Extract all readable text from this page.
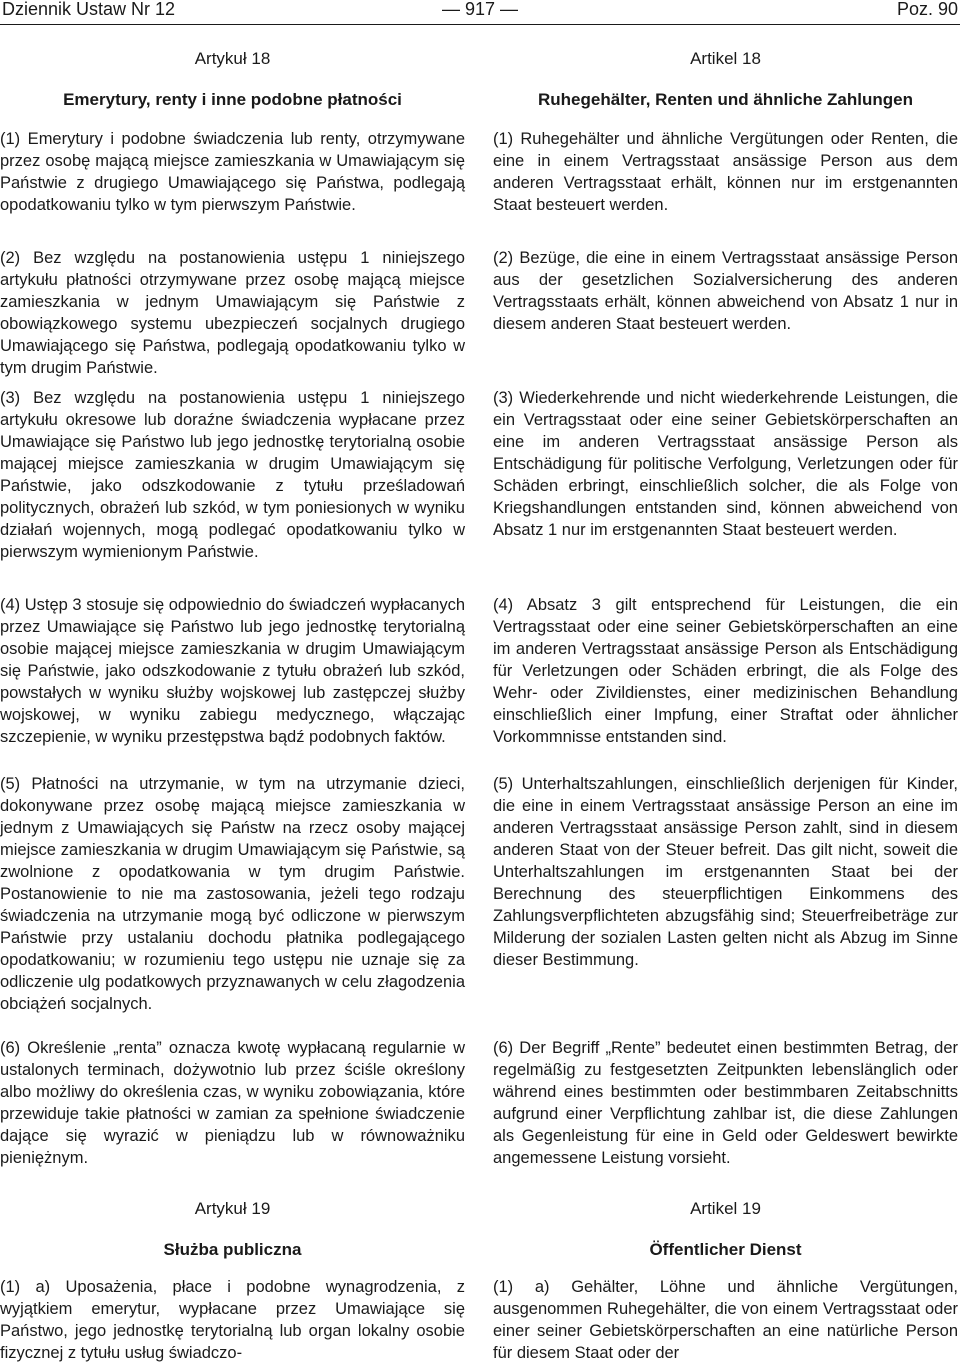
Dziennik Ustaw Nr 12	— 917 —	Poz. 90
Artykuł 18
Emerytury, renty i inne podobne płatności

(1) Emerytury i podobne świadczenia lub renty, otrzymywane przez osobę mającą miejsce zamieszkania w Umawiającym się Państwie z drugiego Umawiającego się Państwa, podlegają opodatkowaniu tylko w tym pierwszym Państwie.

(2) Bez względu na postanowienia ustępu 1 niniejszego artykułu płatności otrzymywane przez osobę mającą miejsce zamieszkania w jednym Umawiającym się Państwie z obowiązkowego systemu ubezpieczeń socjalnych drugiego Umawiającego się Państwa, podlegają opodatkowaniu tylko w tym drugim Państwie.

(3) Bez względu na postanowienia ustępu 1 niniejszego artykułu okresowe lub doraźne świadczenia wypłacane przez Umawiające się Państwo lub jego jednostkę terytorialną osobie mającej miejsce zamieszkania w drugim Umawiającym się Państwie, jako odszkodowanie z tytułu prześladowań politycznych, obrażeń lub szkód, w tym poniesionych w wyniku działań wojennych, mogą podlegać opodatkowaniu tylko w pierwszym wymienionym Państwie.

(4) Ustęp 3 stosuje się odpowiednio do świadczeń wypłacanych przez Umawiające się Państwo lub jego jednostkę terytorialną osobie mającej miejsce zamieszkania w drugim Umawiającym się Państwie, jako odszkodowanie z tytułu obrażeń lub szkód, powstałych w wyniku służby wojskowej lub zastępczej służby wojskowej, w wyniku zabiegu medycznego, włączając szczepienie, w wyniku przestępstwa bądź podobnych faktów.

(5) Płatności na utrzymanie, w tym na utrzymanie dzieci, dokonywane przez osobę mającą miejsce zamieszkania w jednym z Umawiających się Państw na rzecz osoby mającej miejsce zamieszkania w drugim Umawiającym się Państwie, są zwolnione z opodatkowania w tym drugim Państwie. Postanowienie to nie ma zastosowania, jeżeli tego rodzaju świadczenia na utrzymanie mogą być odliczone w pierwszym Państwie przy ustalaniu dochodu płatnika podlegającego opodatkowaniu; w rozumieniu tego ustępu nie uznaje się za odliczenie ulg podatkowych przyznawanych w celu złagodzenia obciążeń socjalnych.

(6) Określenie „renta” oznacza kwotę wypłacaną regularnie w ustalonych terminach, dożywotnio lub przez ściśle określony albo możliwy do określenia czas, w wyniku zobowiązania, które przewiduje takie płatności w zamian za spełnione świadczenie dające się wyrazić w pieniądzu lub w równoważniku pieniężnym.

Artykuł 19
Służba publiczna

(1) a) Uposażenia, płace i podobne wynagrodzenia, z wyjątkiem emerytur, wypłacane przez Umawiające się Państwo, jego jednostkę terytorialną lub organ lokalny osobie fizycznej z tytułu usług świadczo-

Artikel 18
Ruhegehälter, Renten und ähnliche Zahlungen

(1) Ruhegehälter und ähnliche Vergütungen oder Renten, die eine in einem Vertragsstaat ansässige Person aus dem anderen Vertragsstaat erhält, können nur im erstgenannten Staat besteuert werden.

(2) Bezüge, die eine in einem Vertragsstaat ansässige Person aus der gesetzlichen Sozialversicherung des anderen Vertragsstaats erhält, können abweichend von Absatz 1 nur in diesem anderen Staat besteuert werden.

(3) Wiederkehrende und nicht wiederkehrende Leistungen, die ein Vertragsstaat oder eine seiner Gebietskörperschaften an eine im anderen Vertragsstaat ansässige Person als Entschädigung für politische Verfolgung, Verletzungen oder für Schäden erbringt, einschließlich solcher, die als Folge von Kriegshandlungen entstanden sind, können abweichend von Absatz 1 nur im erstgenannten Staat besteuert werden.

(4) Absatz 3 gilt entsprechend für Leistungen, die ein Vertragsstaat oder eine seiner Gebietskörperschaften an eine im anderen Vertragsstaat ansässige Person als Entschädigung für Verletzungen oder Schäden erbringt, die als Folge des Wehr- oder Zivildienstes, einer medizinischen Behandlung einschließlich einer Impfung, einer Straftat oder ähnlicher Vorkommnisse entstanden sind.

(5) Unterhaltszahlungen, einschließlich derjenigen für Kinder, die eine in einem Vertragsstaat ansässige Person an eine im anderen Vertragsstaat ansässige Person zahlt, sind in diesem anderen Staat von der Steuer befreit. Das gilt nicht, soweit die Unterhaltszahlungen im erstgenannten Staat bei der Berechnung des steuerpflichtigen Einkommens des Zahlungsverpflichteten abzugsfähig sind; Steuerfreibeträge zur Milderung der sozialen Lasten gelten nicht als Abzug im Sinne dieser Bestimmung.

(6) Der Begriff „Rente” bedeutet einen bestimmten Betrag, der regelmäßig zu festgesetzten Zeitpunkten lebenslänglich oder während eines bestimmten oder bestimmbaren Zeitabschnitts aufgrund einer Verpflichtung zahlbar ist, die diese Zahlungen als Gegenleistung für eine in Geld oder Geldeswert bewirkte angemessene Leistung vorsieht.

Artikel 19
Öffentlicher Dienst

(1) a) Gehälter, Löhne und ähnliche Vergütungen, ausgenommen Ruhegehälter, die von einem Vertragsstaat oder einer seiner Gebietskörperschaften an eine natürliche Person für diesem Staat oder der
